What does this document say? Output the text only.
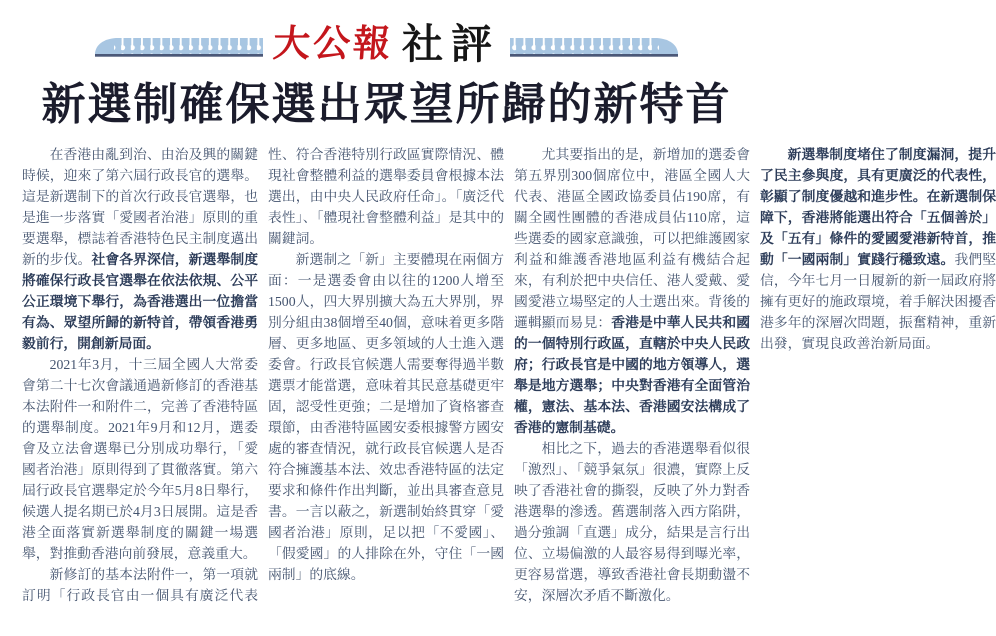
大公報 社評
新選制確保選出眾望所歸的新特首

在香港由亂到治、由治及興的關鍵時候，迎來了第六屆行政長官的選舉。這是新選制下的首次行政長官選舉，也是進一步落實「愛國者治港」原則的重要選舉，標誌着香港特色民主制度邁出新的步伐。社會各界深信，新選舉制度將確保行政長官選舉在依法依規、公平公正環境下舉行，為香港選出一位擔當有為、眾望所歸的新特首，帶領香港勇毅前行，開創新局面。

2021年3月，十三屆全國人大常委會第二十七次會議通過新修訂的香港基本法附件一和附件二，完善了香港特區的選舉制度。2021年9月和12月，選委會及立法會選舉已分別成功舉行，「愛國者治港」原則得到了貫徹落實。第六屆行政長官選舉定於今年5月8日舉行，候選人提名期已於4月3日展開。這是香港全面落實新選舉制度的關鍵一場選舉，對推動香港向前發展，意義重大。

新修訂的基本法附件一，第一項就訂明「行政長官由一個具有廣泛代表性、符合香港特別行政區實際情況、體現社會整體利益的選舉委員會根據本法選出，由中央人民政府任命」。「廣泛代表性」、「體現社會整體利益」是其中的關鍵詞。

新選制之「新」主要體現在兩個方面：一是選委會由以往的1200人增至1500人，四大界別擴大為五大界別，界別分組由38個增至40個，意味着更多階層、更多地區、更多領域的人士進入選委會。行政長官候選人需要奪得過半數選票才能當選，意味着其民意基礎更牢固，認受性更強；二是增加了資格審查環節，由香港特區國安委根據警方國安處的審查情況，就行政長官候選人是否符合擁護基本法、效忠香港特區的法定要求和條件作出判斷，並出具審查意見書。一言以蔽之，新選制始終貫穿「愛國者治港」原則，足以把「不愛國」、「假愛國」的人排除在外，守住「一國兩制」的底線。

尤其要指出的是，新增加的選委會第五界別300個席位中，港區全國人大代表、港區全國政協委員佔190席，有關全國性團體的香港成員佔110席，這些選委的國家意識強，可以把維護國家利益和維護香港地區利益有機結合起來，有利於把中央信任、港人愛戴、愛國愛港立場堅定的人士選出來。背後的邏輯顯而易見：香港是中華人民共和國的一個特別行政區，直轄於中央人民政府；行政長官是中國的地方領導人，選舉是地方選舉；中央對香港有全面管治權，憲法、基本法、香港國安法構成了香港的憲制基礎。

相比之下，過去的香港選舉看似很「激烈」、「競爭氣氛」很濃，實際上反映了香港社會的撕裂，反映了外力對香港選舉的滲透。舊選制落入西方陷阱，過分強調「直選」成分，結果是言行出位、立場偏激的人最容易得到曝光率，更容易當選，導致香港社會長期動盪不安，深層次矛盾不斷激化。

新選舉制度堵住了制度漏洞，提升了民主參與度，具有更廣泛的代表性，彰顯了制度優越和進步性。在新選制保障下，香港將能選出符合「五個善於」及「五有」條件的愛國愛港新特首，推動「一國兩制」實踐行穩致遠。我們堅信，今年七月一日履新的新一屆政府將擁有更好的施政環境，着手解決困擾香港多年的深層次問題，振奮精神，重新出發，實現良政善治新局面。
